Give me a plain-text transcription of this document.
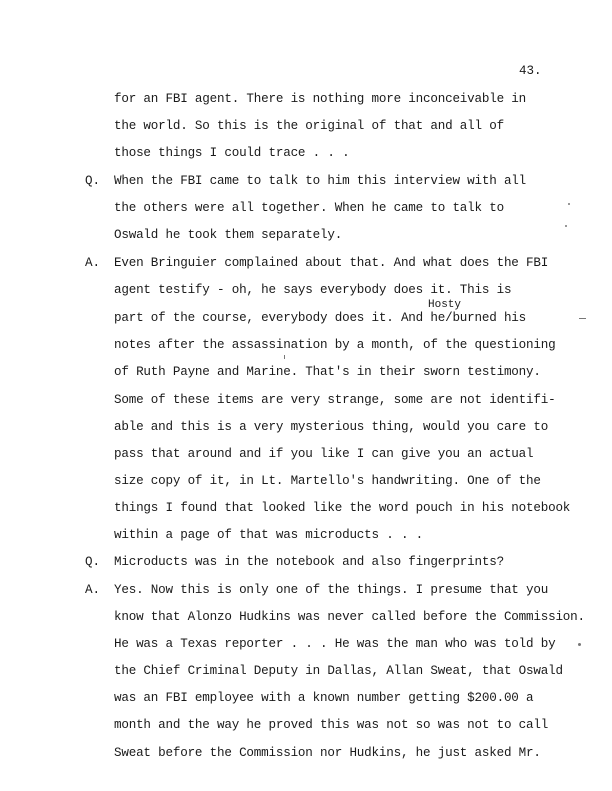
43.
Hosty
Q.
A.
Q.
A.
for an FBI agent. There is nothing more inconceivable in
the world. So this is the original of that and all of
those things I could trace . . .
When the FBI came to talk to him this interview with all
the others were all together. When he came to talk to
Oswald he took them separately.
Even Bringuier complained about that. And what does the FBI
agent testify - oh, he says everybody does it. This is
part of the course, everybody does it. And he/burned his
notes after the assassination by a month, of the questioning
of Ruth Payne and Marine. That's in their sworn testimony.
Some of these items are very strange, some are not identifi-
able and this is a very mysterious thing, would you care to
pass that around and if you like I can give you an actual
size copy of it, in Lt. Martello's handwriting. One of the
things I found that looked like the word pouch in his notebook
within a page of that was microducts . . .
Microducts was in the notebook and also fingerprints?
Yes. Now this is only one of the things. I presume that you
know that Alonzo Hudkins was never called before the Commission.
He was a Texas reporter . . . He was the man who was told by
the Chief Criminal Deputy in Dallas, Allan Sweat, that Oswald
was an FBI employee with a known number getting $200.00 a
month and the way he proved this was not so was not to call
Sweat before the Commission nor Hudkins, he just asked Mr.
